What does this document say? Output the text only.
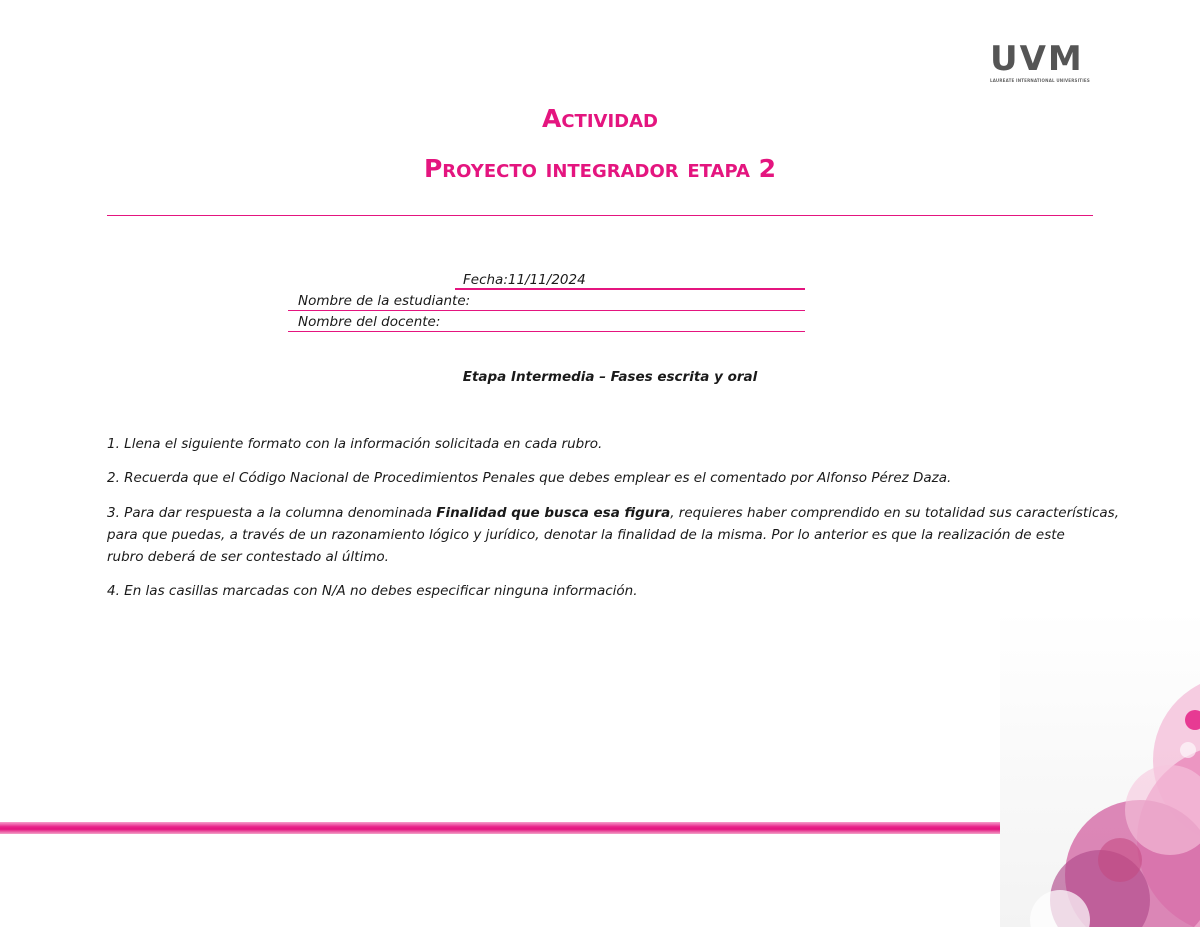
UVM
LAUREATE INTERNATIONAL UNIVERSITIES
Actividad
Proyecto integrador etapa 2
Fecha:11/11/2024
Nombre de la estudiante:
Nombre del docente:
Etapa Intermedia – Fases escrita y oral
1. Llena el siguiente formato con la información solicitada en cada rubro.
2. Recuerda que el Código Nacional de Procedimientos Penales que debes emplear es el comentado por Alfonso Pérez Daza.
3. Para dar respuesta a la columna denominada Finalidad que busca esa figura, requieres haber comprendido en su totalidad sus características,
para que puedas, a través de un razonamiento lógico y jurídico, denotar la finalidad de la misma. Por lo anterior es que la realización de este
rubro deberá de ser contestado al último.
4. En las casillas marcadas con N/A no debes especificar ninguna información.
